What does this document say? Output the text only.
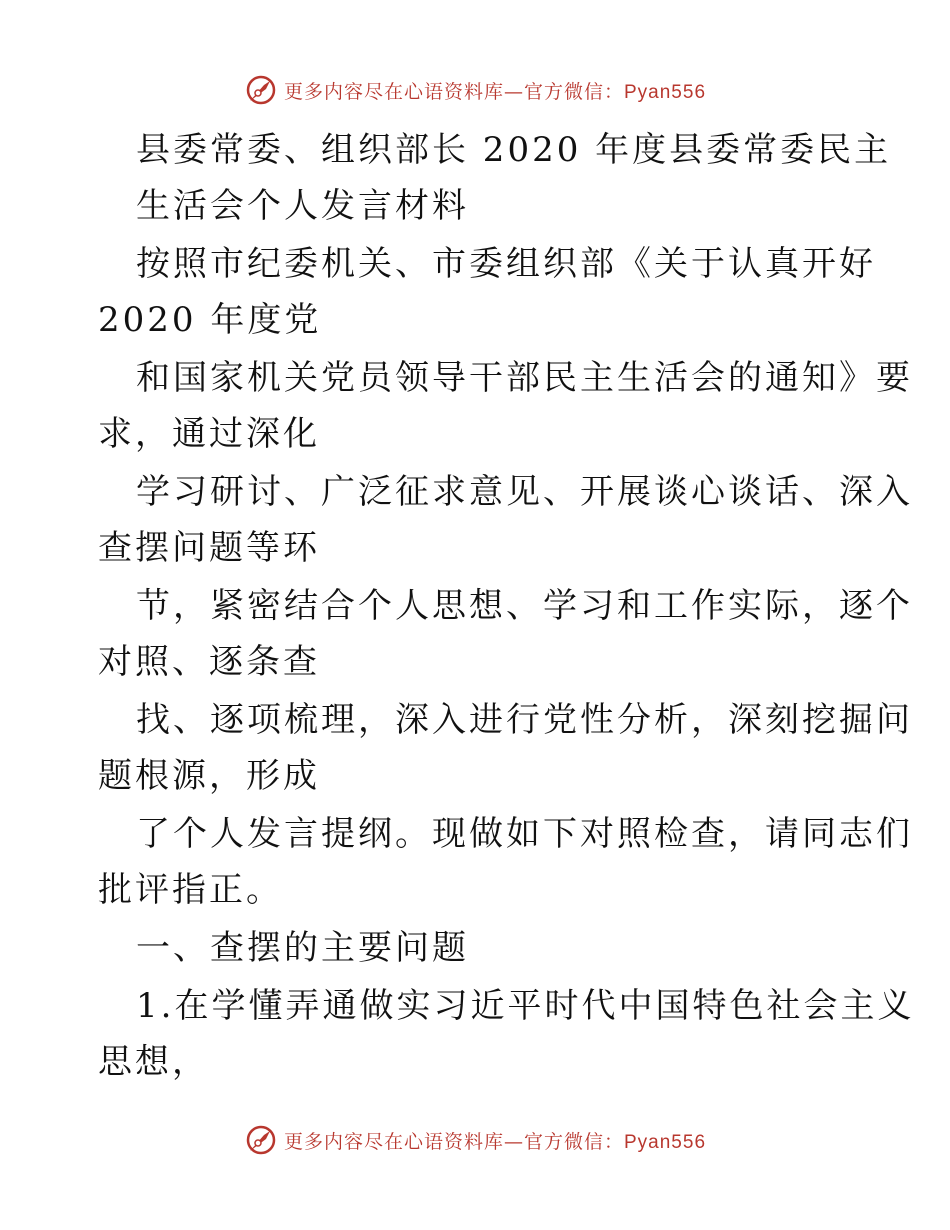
更多内容尽在心语资料库—官方微信：Pyan556
县委常委、组织部长 2020 年度县委常委民主
生活会个人发言材料
按照市纪委机关、市委组织部《关于认真开好
2020 年度党
和国家机关党员领导干部民主生活会的通知》要
求，通过深化
学习研讨、广泛征求意见、开展谈心谈话、深入
查摆问题等环
节，紧密结合个人思想、学习和工作实际，逐个
对照、逐条查
找、逐项梳理，深入进行党性分析，深刻挖掘问
题根源，形成
了个人发言提纲。现做如下对照检查，请同志们
批评指正。
一、查摆的主要问题
1.在学懂弄通做实习近平时代中国特色社会主义
思想，
更多内容尽在心语资料库—官方微信：Pyan556
